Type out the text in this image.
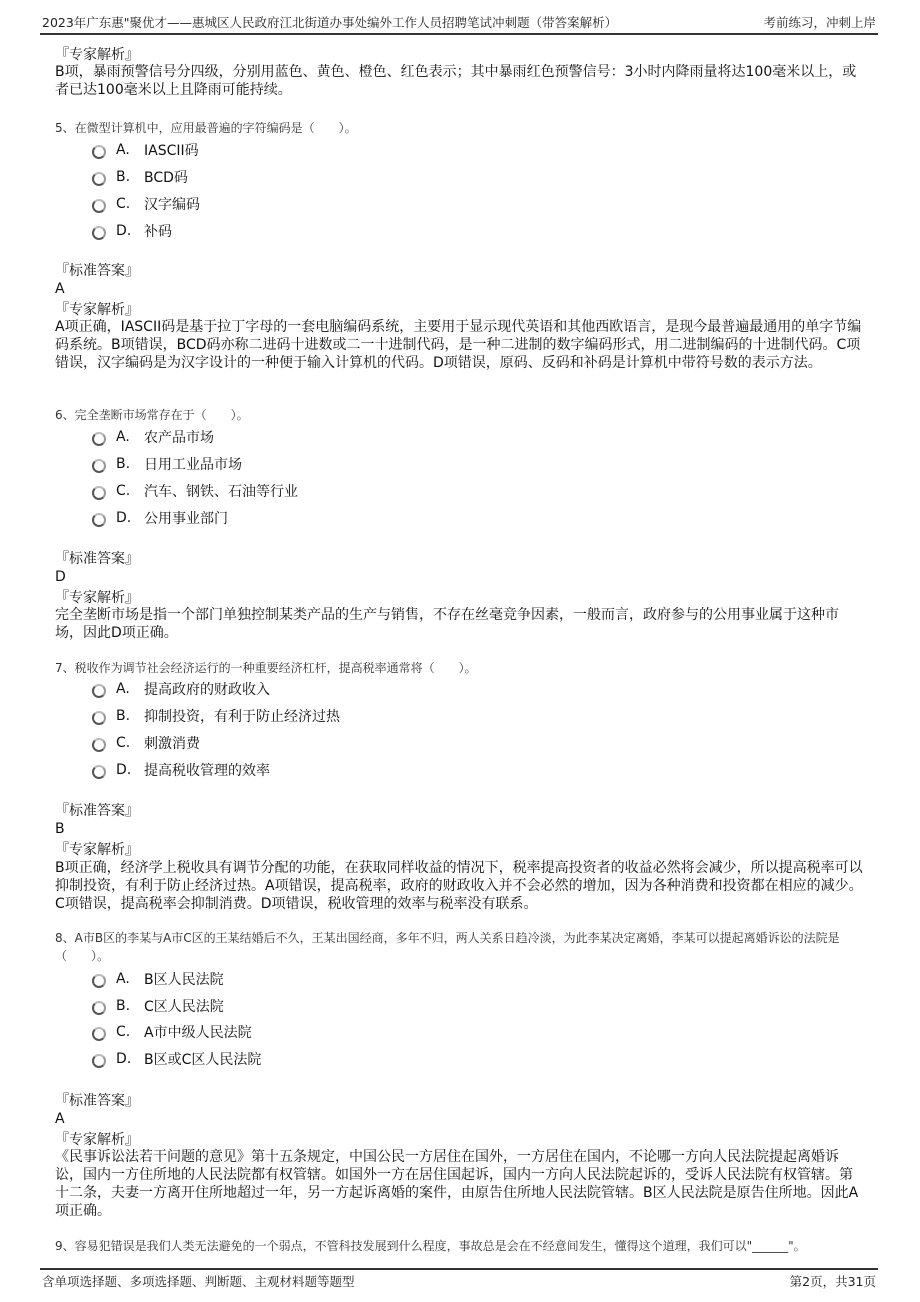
2023年广东惠"聚优才——惠城区人民政府江北街道办事处编外工作人员招聘笔试冲刺题（带答案解析）	考前练习，冲刺上岸
『专家解析』
B项，暴雨预警信号分四级，分别用蓝色、黄色、橙色、红色表示；其中暴雨红色预警信号：3小时内降雨量将达100毫米以上，或者已达100毫米以上且降雨可能持续。
5、在微型计算机中，应用最普遍的字符编码是（　　）。
A.	IASCII码
B. BCD码
C. 汉字编码
D. 补码
『标准答案』
A
『专家解析』
A项正确，IASCII码是基于拉丁字母的一套电脑编码系统，主要用于显示现代英语和其他西欧语言，是现今最普遍最通用的单字节编码系统。B项错误，BCD码亦称二进码十进数或二一十进制代码，是一种二进制的数字编码形式，用二进制编码的十进制代码。C项错误，汉字编码是为汉字设计的一种便于输入计算机的代码。D项错误，原码、反码和补码是计算机中带符号数的表示方法。
6、完全垄断市场常存在于（　　）。
A.	农产品市场
B. 日用工业品市场
C. 汽车、钢铁、石油等行业
D. 公用事业部门
『标准答案』
D
『专家解析』
完全垄断市场是指一个部门单独控制某类产品的生产与销售，不存在丝毫竞争因素，一般而言，政府参与的公用事业属于这种市场，因此D项正确。
7、税收作为调节社会经济运行的一种重要经济杠杆，提高税率通常将（　　）。
A.	提高政府的财政收入
B. 抑制投资，有利于防止经济过热
C. 刺激消费
D. 提高税收管理的效率
『标准答案』
B
『专家解析』
B项正确，经济学上税收具有调节分配的功能，在获取同样收益的情况下，税率提高投资者的收益必然将会减少，所以提高税率可以抑制投资，有利于防止经济过热。A项错误，提高税率，政府的财政收入并不会必然的增加，因为各种消费和投资都在相应的减少。C项错误，提高税率会抑制消费。D项错误，税收管理的效率与税率没有联系。
8、A市B区的李某与A市C区的王某结婚后不久，王某出国经商，多年不归，两人关系日趋冷淡，为此李某决定离婚，李某可以提起离婚诉讼的法院是（　　）。
A.	B区人民法院
B. C区人民法院
C. A市中级人民法院
D. B区或C区人民法院
『标准答案』
A
『专家解析』
《民事诉讼法若干问题的意见》第十五条规定，中国公民一方居住在国外，一方居住在国内，不论哪一方向人民法院提起离婚诉讼，国内一方住所地的人民法院都有权管辖。如国外一方在居住国起诉，国内一方向人民法院起诉的，受诉人民法院有权管辖。第十二条，夫妻一方离开住所地超过一年，另一方起诉离婚的案件，由原告住所地人民法院管辖。B区人民法院是原告住所地。因此A项正确。
9、容易犯错误是我们人类无法避免的一个弱点，不管科技发展到什么程度，事故总是会在不经意间发生，懂得这个道理，我们可以"______"。
含单项选择题、多项选择题、判断题、主观材料题等题型	第2页，共31页
